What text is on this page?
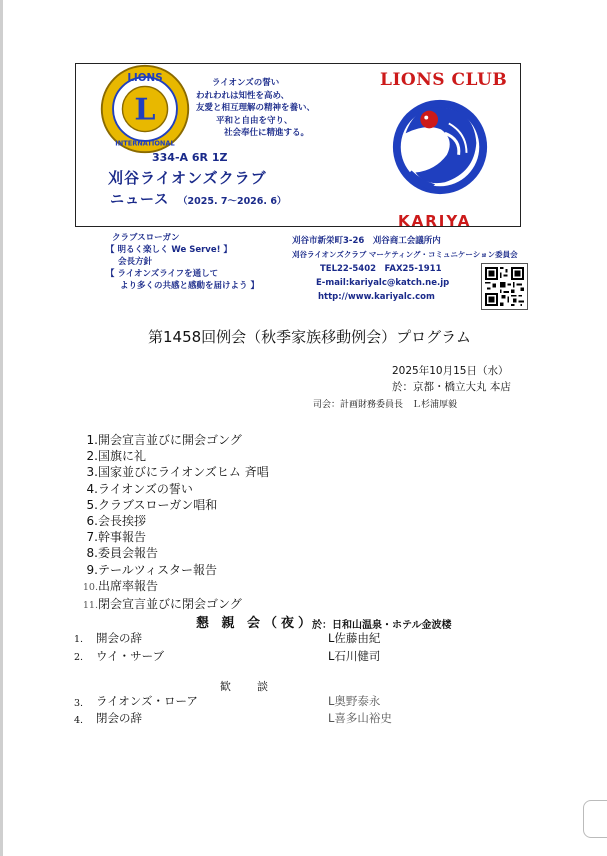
L
LIONS
INTERNATIONAL
ライオンズの誓い
われわれは知性を高め、
友愛と相互理解の精神を養い、
平和と自由を守り、
社会奉仕に精進する。
334-A 6R 1Z
刈谷ライオンズクラブ
ニュース （2025. 7～2026. 6）
LIONS CLUB
KARIYA
クラブスローガン
【 明るく楽しく We Serve! 】
会長方針
【 ライオンズライフを通して
より多くの共感と感動を届けよう 】
刈谷市新栄町3-26　刈谷商工会議所内
刈谷ライオンズクラブ マーケティング・コミュニケーション委員会
TEL22-5402　FAX25-1911
E-mail:kariyalc@katch.ne.jp
http://www.kariyalc.com
第1458回例会（秋季家族移動例会）プログラム
2025年10月15日（水）
於：京都・橋立大丸 本店
司会：計画財務委員長　Ｌ杉浦厚毅
1.開会宣言並びに開会ゴング
2.国旗に礼
3.国家並びにライオンズヒム 斉唱
4.ライオンズの誓い
5.クラブスローガン唱和
6.会長挨拶
7.幹事報告
8.委員会報告
9.テールツィスター報告
10.出席率報告
11.閉会宣言並びに閉会ゴング
懇 親 会（夜）
於：日和山温泉・ホテル金波楼
1. 開会の辞	L佐藤由紀
2. ウイ・サーブ	L石川健司
歓談
3. ライオンズ・ローア	L奥野泰永
4. 閉会の辞	L喜多山裕史
